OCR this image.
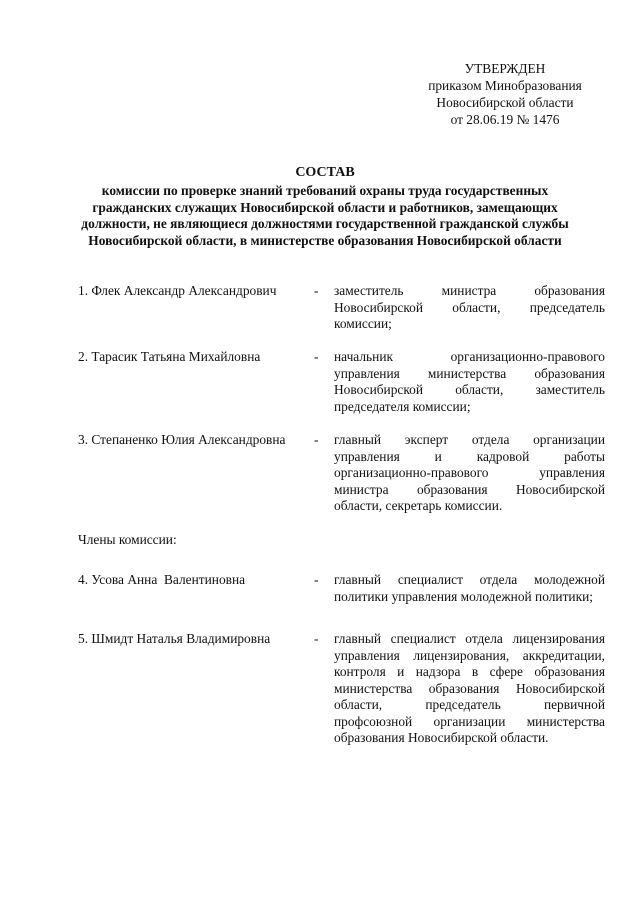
УТВЕРЖДЕН
приказом Минобразования
Новосибирской области
от 28.06.19 № 1476
СОСТАВ
комиссии по проверке знаний требований охраны труда государственных гражданских служащих Новосибирской области и работников, замещающих должности, не являющиеся должностями государственной гражданской службы Новосибирской области, в министерстве образования Новосибирской области
1. Флек Александр Александрович	-	заместитель министра образования Новосибирской области, председатель комиссии;
2. Тарасик Татьяна Михайловна	-	начальник организационно-правового управления министерства образования Новосибирской области, заместитель председателя комиссии;
3. Степаненко Юлия Александровна	-	главный эксперт отдела организации управления и кадровой работы организационно-правового управления министра образования Новосибирской области, секретарь комиссии.
Члены комиссии:
4. Усова Анна  Валентиновна	-	главный специалист отдела молодежной политики управления молодежной политики;
5. Шмидт Наталья Владимировна	-	главный специалист отдела лицензирования управления лицензирования, аккредитации, контроля и надзора в сфере образования министерства образования Новосибирской области, председатель первичной профсоюзной организации министерства образования Новосибирской области.
